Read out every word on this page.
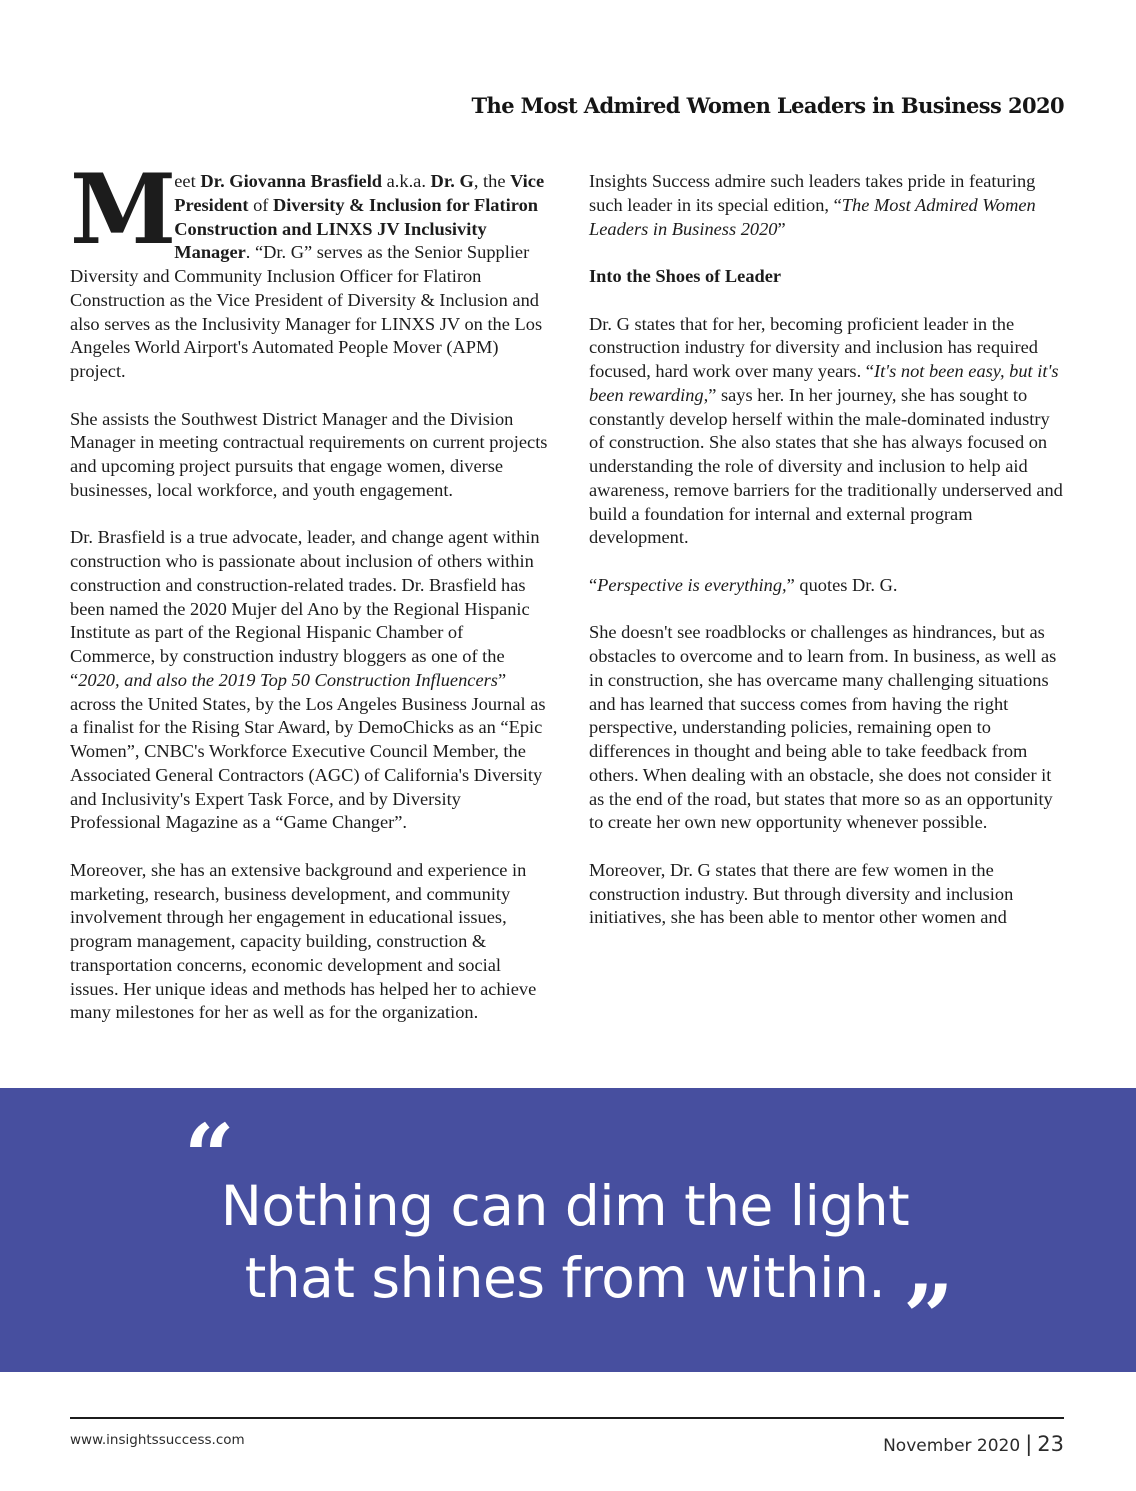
The Most Admired Women Leaders in Business 2020

Meet Dr. Giovanna Brasfield a.k.a. Dr. G, the Vice President of Diversity & Inclusion for Flatiron Construction and LINXS JV Inclusivity Manager. “Dr. G” serves as the Senior Supplier Diversity and Community Inclusion Officer for Flatiron Construction as the Vice President of Diversity & Inclusion and also serves as the Inclusivity Manager for LINXS JV on the Los Angeles World Airport's Automated People Mover (APM) project.

She assists the Southwest District Manager and the Division Manager in meeting contractual requirements on current projects and upcoming project pursuits that engage women, diverse businesses, local workforce, and youth engagement.

Dr. Brasfield is a true advocate, leader, and change agent within construction who is passionate about inclusion of others within construction and construction-related trades. Dr. Brasfield has been named the 2020 Mujer del Ano by the Regional Hispanic Institute as part of the Regional Hispanic Chamber of Commerce, by construction industry bloggers as one of the “2020, and also the 2019 Top 50 Construction Influencers” across the United States, by the Los Angeles Business Journal as a finalist for the Rising Star Award, by DemoChicks as an “Epic Women”, CNBC's Workforce Executive Council Member, the Associated General Contractors (AGC) of California's Diversity and Inclusivity's Expert Task Force, and by Diversity Professional Magazine as a “Game Changer”.

Moreover, she has an extensive background and experience in marketing, research, business development, and community involvement through her engagement in educational issues, program management, capacity building, construction & transportation concerns, economic development and social issues. Her unique ideas and methods has helped her to achieve many milestones for her as well as for the organization.

Insights Success admire such leaders takes pride in featuring such leader in its special edition, “The Most Admired Women Leaders in Business 2020”

Into the Shoes of Leader

Dr. G states that for her, becoming proficient leader in the construction industry for diversity and inclusion has required focused, hard work over many years. “It's not been easy, but it's been rewarding,” says her. In her journey, she has sought to constantly develop herself within the male-dominated industry of construction. She also states that she has always focused on understanding the role of diversity and inclusion to help aid awareness, remove barriers for the traditionally underserved and build a foundation for internal and external program development.

“Perspective is everything,” quotes Dr. G.

She doesn't see roadblocks or challenges as hindrances, but as obstacles to overcome and to learn from. In business, as well as in construction, she has overcame many challenging situations and has learned that success comes from having the right perspective, understanding policies, remaining open to differences in thought and being able to take feedback from others. When dealing with an obstacle, she does not consider it as the end of the road, but states that more so as an opportunity to create her own new opportunity whenever possible.

Moreover, Dr. G states that there are few women in the construction industry. But through diversity and inclusion initiatives, she has been able to mentor other women and

“
Nothing can dim the light that shines from within. ”
www.insightssuccess.com	November 2020 | 23
